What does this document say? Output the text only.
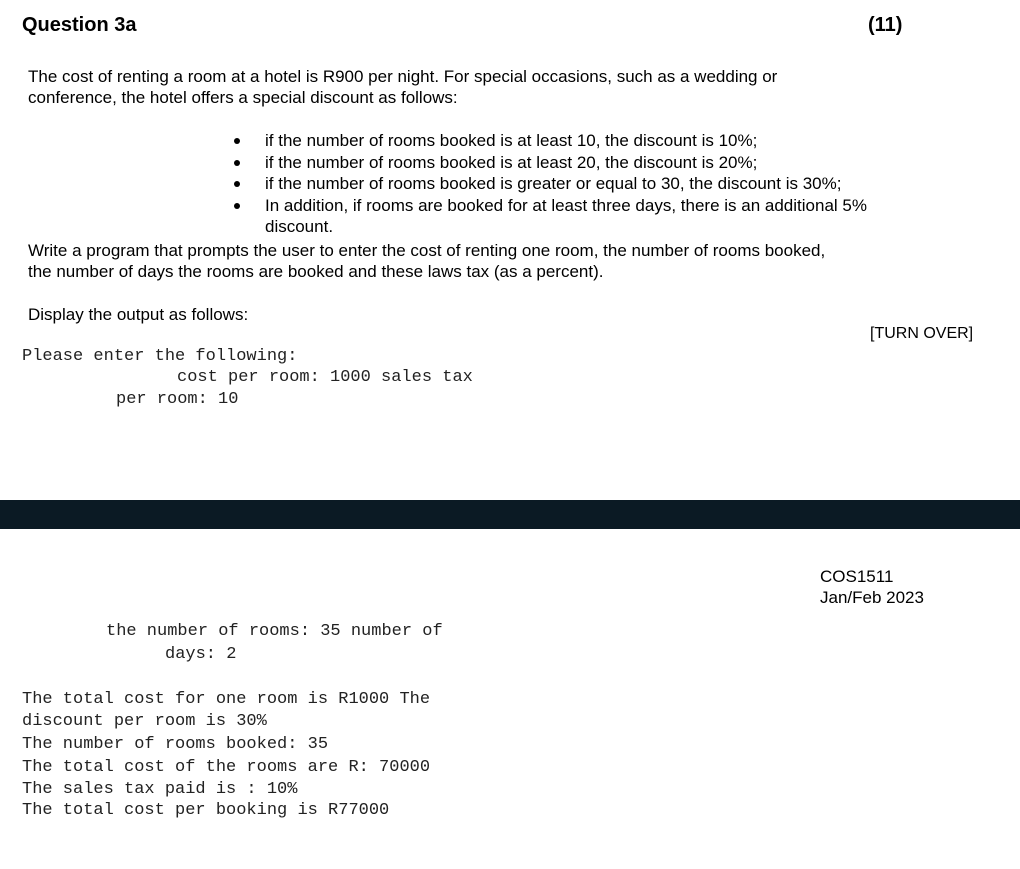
Question 3a	(11)
The cost of renting a room at a hotel is R900 per night. For special occasions, such as a wedding or
conference, the hotel offers a special discount as follows:
if the number of rooms booked is at least 10, the discount is 10%;
if the number of rooms booked is at least 20, the discount is 20%;
if the number of rooms booked is greater or equal to 30, the discount is 30%;
In addition, if rooms are booked for at least three days, there is an additional 5%
discount.
Write a program that prompts the user to enter the cost of renting one room, the number of rooms booked,
the number of days the rooms are booked and these laws tax (as a percent).
Display the output as follows:
[TURN OVER]
Please enter the following:
cost per room: 1000 sales tax
per room: 10
COS1511
Jan/Feb 2023
the number of rooms: 35 number of
days: 2
The total cost for one room is R1000 The
discount per room is 30%
The number of rooms booked: 35
The total cost of the rooms are R: 70000
The sales tax paid is : 10%
The total cost per booking is R77000
